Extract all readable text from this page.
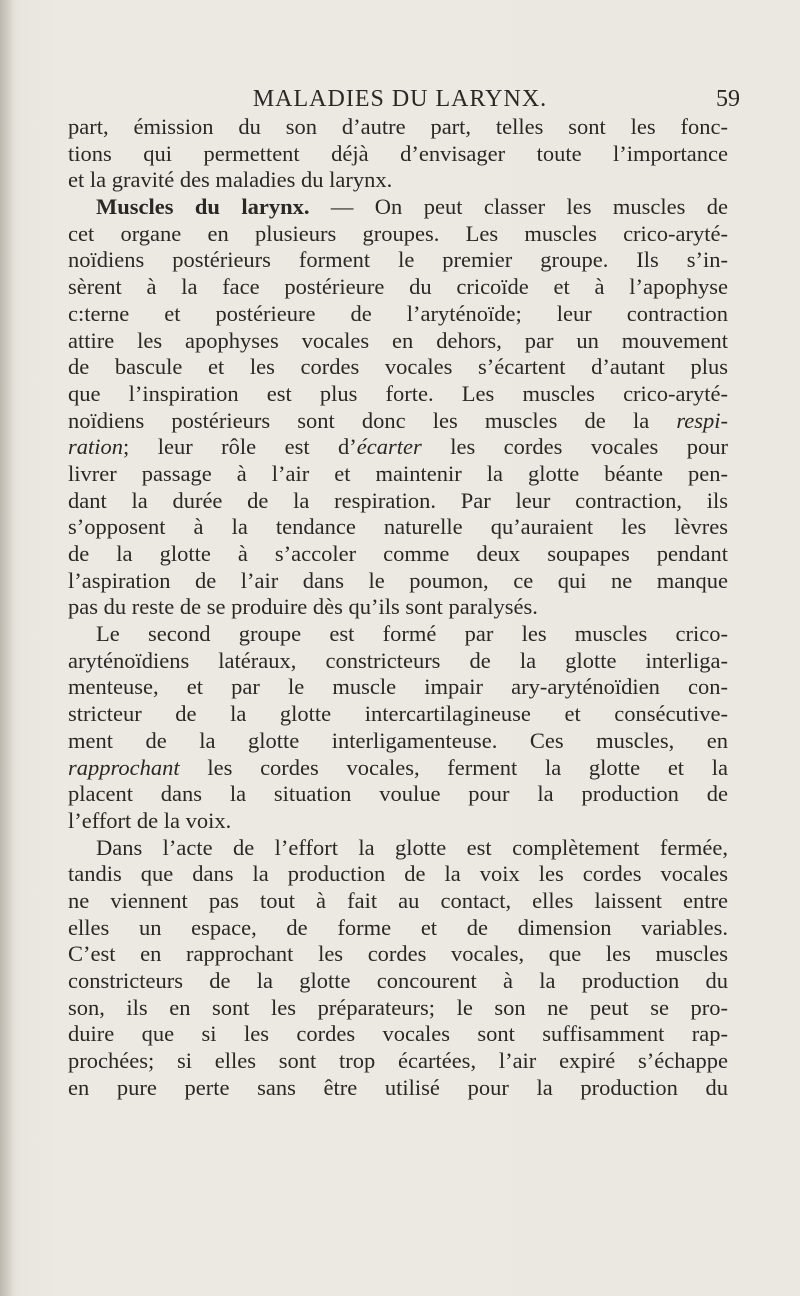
MALADIES DU LARYNX.	59
part, émission du son d’autre part, telles sont les fonc-
tions qui permettent déjà d’envisager toute l’importance
et la gravité des maladies du larynx.
Muscles du larynx. — On peut classer les muscles de
cet organe en plusieurs groupes. Les muscles crico-aryté-
noïdiens postérieurs forment le premier groupe. Ils s’in-
sèrent à la face postérieure du cricoïde et à l’apophyse
c:terne et postérieure de l’aryténoïde; leur contraction
attire les apophyses vocales en dehors, par un mouvement
de bascule et les cordes vocales s’écartent d’autant plus
que l’inspiration est plus forte. Les muscles crico-aryté-
noïdiens postérieurs sont donc les muscles de la respi-
ration; leur rôle est d’écarter les cordes vocales pour
livrer passage à l’air et maintenir la glotte béante pen-
dant la durée de la respiration. Par leur contraction, ils
s’opposent à la tendance naturelle qu’auraient les lèvres
de la glotte à s’accoler comme deux soupapes pendant
l’aspiration de l’air dans le poumon, ce qui ne manque
pas du reste de se produire dès qu’ils sont paralysés.
Le second groupe est formé par les muscles crico-
aryténoïdiens latéraux, constricteurs de la glotte interliga-
menteuse, et par le muscle impair ary-aryténoïdien con-
stricteur de la glotte intercartilagineuse et consécutive-
ment de la glotte interligamenteuse. Ces muscles, en
rapprochant les cordes vocales, ferment la glotte et la
placent dans la situation voulue pour la production de
l’effort de la voix.
Dans l’acte de l’effort la glotte est complètement fermée,
tandis que dans la production de la voix les cordes vocales
ne viennent pas tout à fait au contact, elles laissent entre
elles un espace, de forme et de dimension variables.
C’est en rapprochant les cordes vocales, que les muscles
constricteurs de la glotte concourent à la production du
son, ils en sont les préparateurs; le son ne peut se pro-
duire que si les cordes vocales sont suffisamment rap-
prochées; si elles sont trop écartées, l’air expiré s’échappe
en pure perte sans être utilisé pour la production du
